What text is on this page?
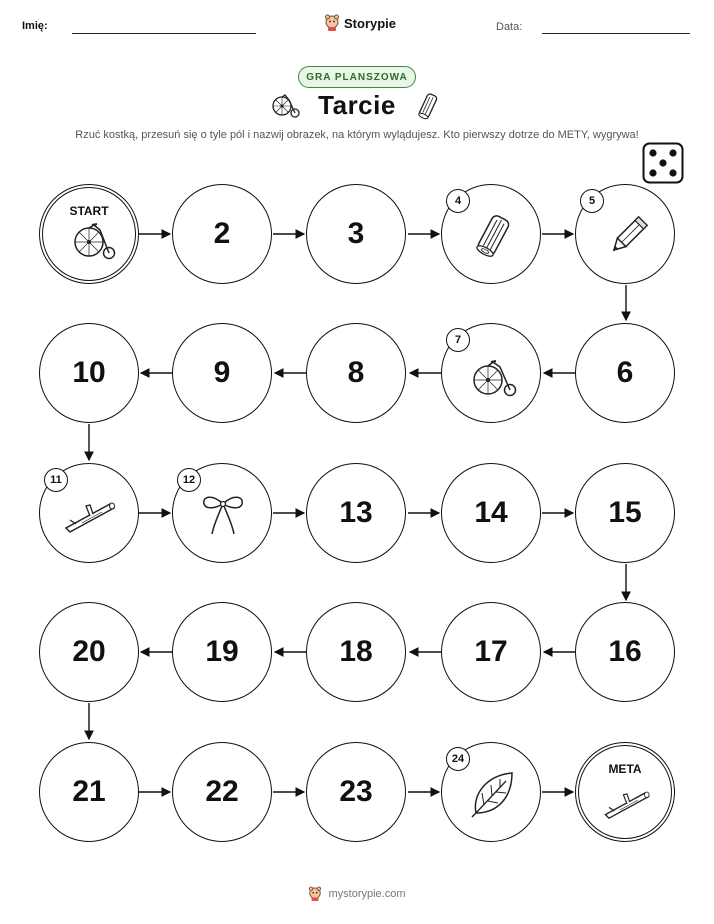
Imię:	Storypie	Data:
GRA PLANSZOWA
Tarcie
Rzuć kostką, przesuń się o tyle pól i nazwij obrazek, na którym wylądujesz. Kto pierwszy dotrze do METY, wygrywa!
START
2	3
4	5
10	9	8
7
6
11	12
13	14	15
20	19	18	17	16
21	22	23
24
META
mystorypie.com
